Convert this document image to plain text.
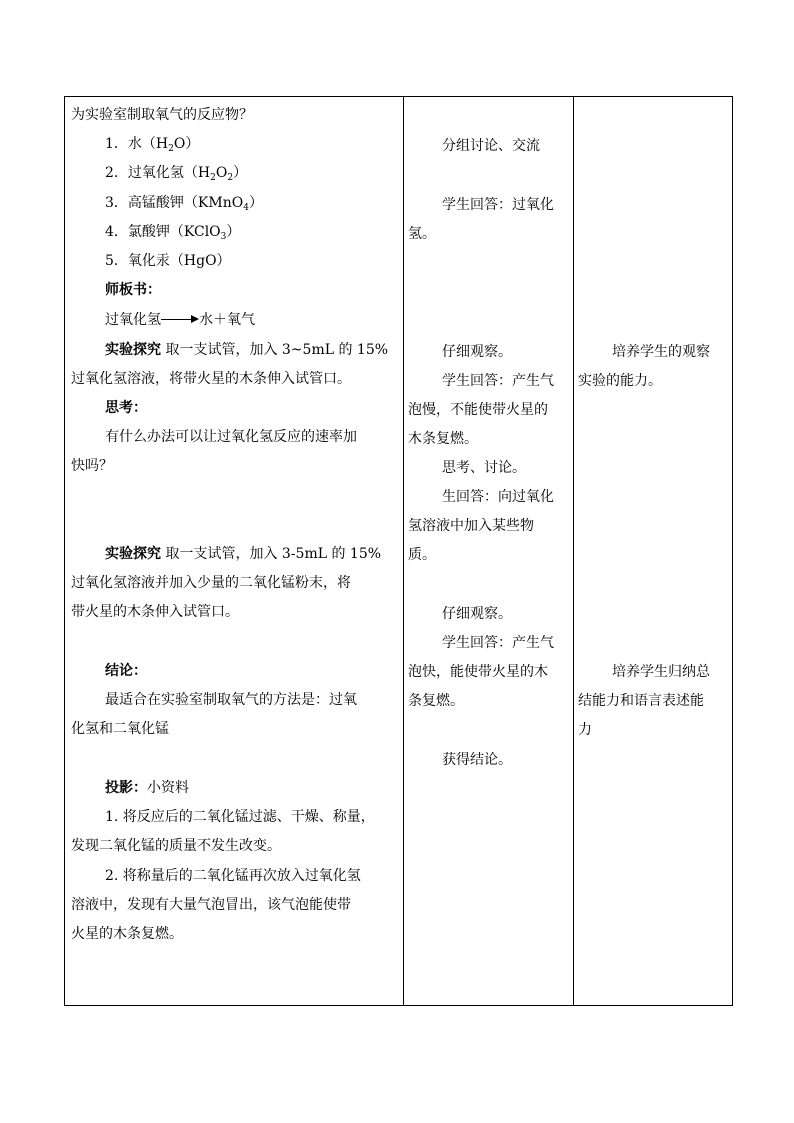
为实验室制取氧气的反应物？
1．水$(H_2O)$
2．过氧化氢$(H_2O_2)$
3．高锰酸钾（KMnO$_4$）
4．氯酸钾（KClO$_3$）
5．氧化汞（HgO）
师板书：
过氧化氢	水＋氧气
实验探究 取一支试管，加入 3~5mL 的 15%
过氧化氢溶液，将带火星的木条伸入试管口。
思考：
有什么办法可以让过氧化氢反应的速率加
快吗？
实验探究 取一支试管，加入 3-5mL 的 15%
过氧化氢溶液并加入少量的二氧化锰粉末，将
带火星的木条伸入试管口。
结论：
最适合在实验室制取氧气的方法是：过氧
化氢和二氧化锰
投影：小资料
1. 将反应后的二氧化锰过滤、干燥、称量，
发现二氧化锰的质量不发生改变。
2. 将称量后的二氧化锰再次放入过氧化氢
溶液中，发现有大量气泡冒出，该气泡能使带
火星的木条复燃。
分组讨论、交流
学生回答：过氧化
氢。
仔细观察。
学生回答：产生气
泡慢，不能使带火星的
木条复燃。
思考、讨论。
生回答：向过氧化
氢溶液中加入某些物
质。
仔细观察。
学生回答：产生气
泡快，能使带火星的木
条复燃。
获得结论。
培养学生的观察
实验的能力。
培养学生归纳总
结能力和语言表述能
力
